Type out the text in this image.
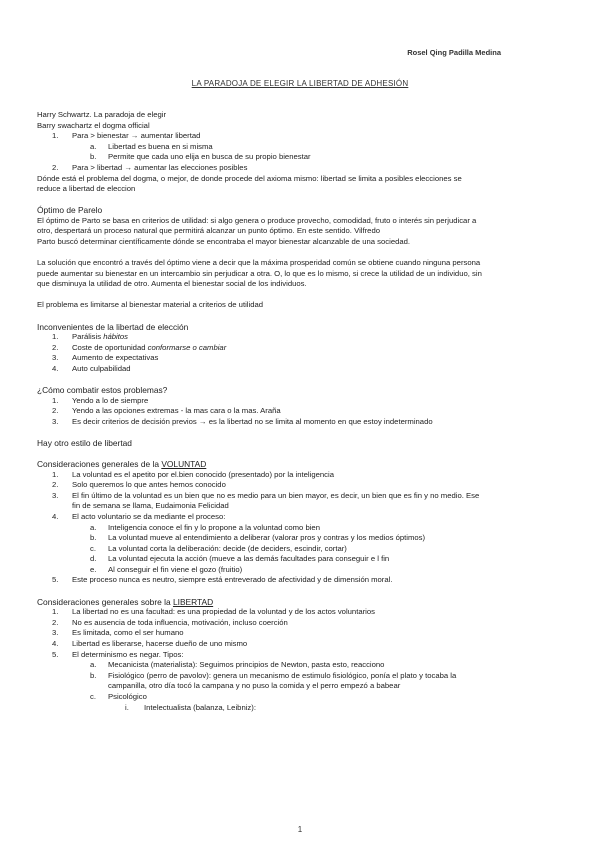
Rosel Qing Padilla Medina
LA PARADOJA DE ELEGIR LA LIBERTAD DE ADHESIÓN

Harry Schwartz. La paradoja de elegir

Barry swachartz el dogma official

1. Para > bienestar → aumentar libertad
a. Libertad es buena en si misma
b. Permite que cada uno elija en busca de su propio bienestar
2. Para > libertad → aumentar las elecciones posibles

Dónde está el problema del dogma, o mejor, de donde procede del axioma mismo: libertad se limita a posibles elecciones se

reduce a libertad de eleccion

Óptimo de Parelo

El óptimo de Parto se basa en criterios de utilidad: si algo genera o produce provecho, comodidad, fruto o interés sin perjudicar a

otro, despertará un proceso natural que permitirá alcanzar un punto óptimo. En este sentido. Vilfredo

Parto buscó determinar científicamente dónde se encontraba el mayor bienestar alcanzable de una sociedad.

La solución que encontró a través del óptimo viene a decir que la máxima prosperidad común se obtiene cuando ninguna persona

puede aumentar su bienestar en un intercambio sin perjudicar a otra. O, lo que es lo mismo, si crece la utilidad de un individuo, sin

que disminuya la utilidad de otro. Aumenta el bienestar social de los individuos.

El problema es limitarse al bienestar material a criterios de utilidad

Inconvenientes de la libertad de elección

1. Parálisis hábitos
2. Coste de oportunidad conformarse o cambiar
3. Aumento de expectativas
4. Auto culpabilidad

¿Cómo combatir estos problemas?

1. Yendo a lo de siempre
2. Yendo a las opciones extremas - la mas cara o la mas. Araña
3. Es decir criterios de decisión previos → es la libertad no se limita al momento en que estoy indeterminado

Hay otro estilo de libertad

Consideraciones generales de la VOLUNTAD

1. La voluntad es el apetito por el.bien conocido (presentado) por la inteligencia
2. Solo queremos lo que antes hemos conocido
3. El fin último de la voluntad es un bien que no es medio para un bien mayor, es decir, un bien que es fin y no medio. Ese
fin de semana se llama, Eudaimonia Felicidad
4. El acto voluntario se da mediante el proceso:
a. Inteligencia conoce el fin y lo propone a la voluntad como bien
b. La voluntad mueve al entendimiento a deliberar (valorar pros y contras y los medios óptimos)
c. La voluntad corta la deliberación: decide (de deciders, escindir, cortar)
d. La voluntad ejecuta la acción (mueve a las demás facultades para conseguir e l fin
e. Al conseguir el fin viene el gozo (fruitio)
5. Este proceso nunca es neutro, siempre está entreverado de afectividad y de dimensión moral.

Consideraciones generales sobre la LIBERTAD

1. La libertad no es una facultad: es una propiedad de la voluntad y de los actos voluntarios
2. No es ausencia de toda influencia, motivación, incluso coerción
3. Es limitada, como el ser humano
4. Libertad es liberarse, hacerse dueño de uno mismo
5. El determinismo es negar. Tipos:
a. Mecanicista (materialista): Seguimos principios de Newton, pasta esto, reacciono
b. Fisiológico (perro de pavolov): genera un mecanismo de estimulo fisiológico, ponía el plato y tocaba la
campanilla, otro día tocó la campana y no puso la comida y el perro empezó a babear
c. Psicológico
i. Intelectualista (balanza, Leibniz):
1
